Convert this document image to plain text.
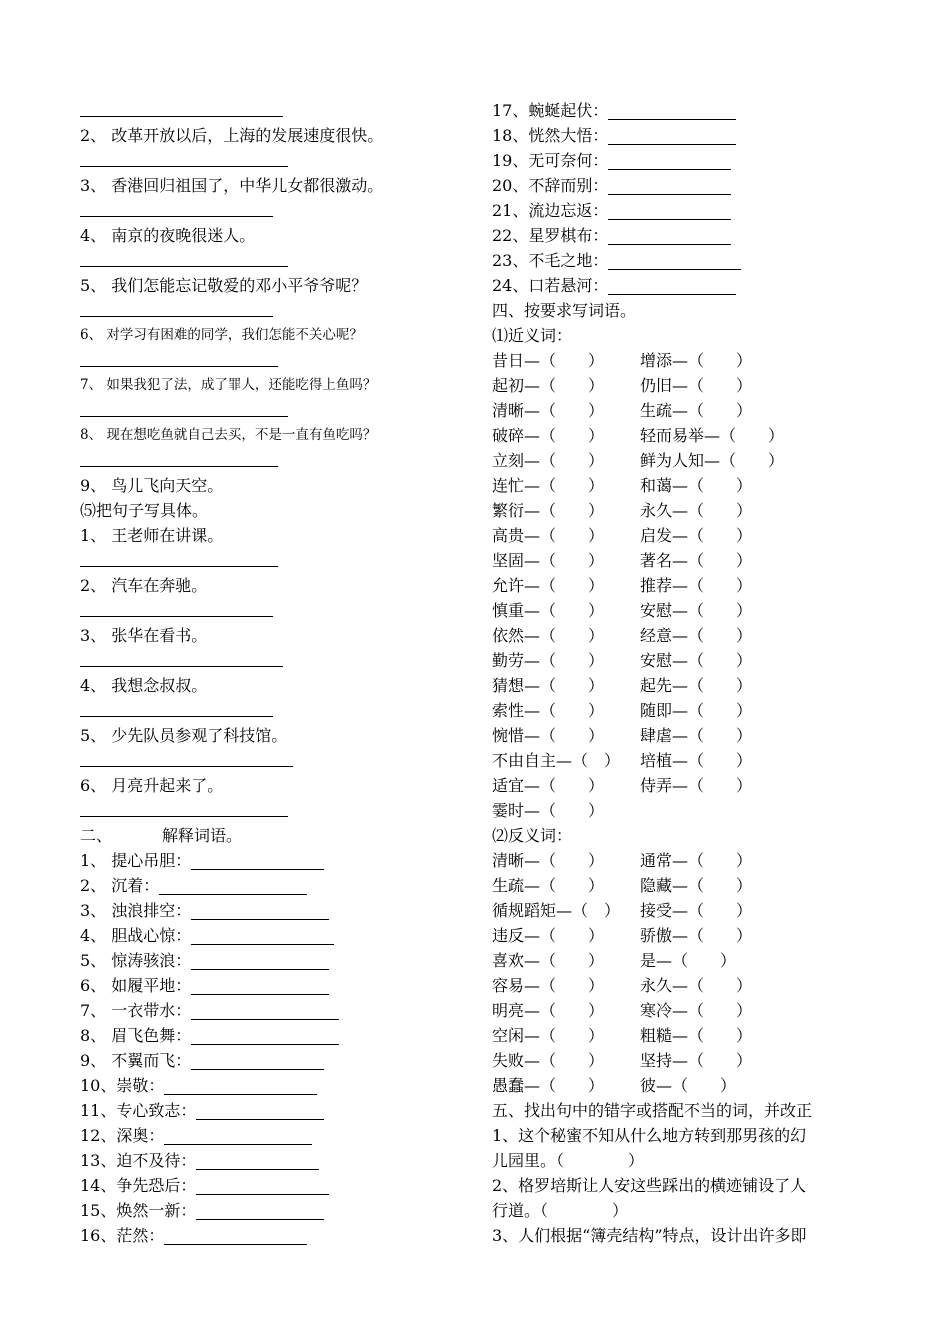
2、 改革开放以后，上海的发展速度很快。
3、 香港回归祖国了，中华儿女都很激动。
4、 南京的夜晚很迷人。
5、 我们怎能忘记敬爱的邓小平爷爷呢？
6、 对学习有困难的同学，我们怎能不关心呢？
7、 如果我犯了法，成了罪人，还能吃得上鱼吗？
8、 现在想吃鱼就自己去买，不是一直有鱼吃吗？
9、 鸟儿飞向天空。
⑸把句子写具体。
1、 王老师在讲课。
2、 汽车在奔驰。
3、 张华在看书。
4、 我想念叔叔。
5、 少先队员参观了科技馆。
6、 月亮升起来了。
二、	解释词语。
1、 提心吊胆：
2、 沉着：
3、 浊浪排空：
4、 胆战心惊：
5、 惊涛骇浪：
6、 如履平地：
7、 一衣带水：
8、 眉飞色舞：
9、 不翼而飞：
10、崇敬：
11、专心致志：
12、深奥：
13、迫不及待：
14、争先恐后：
15、焕然一新：
16、茫然：
17、蜿蜒起伏：
18、恍然大悟：
19、无可奈何：
20、不辞而别：
21、流边忘返：
22、星罗棋布：
23、不毛之地：
24、口若悬河：
四、按要求写词语。
⑴近义词：
昔日—（　　）	增添—（　　）
起初—（　　）	仍旧—（　　）
清晰—（　　）	生疏—（　　）
破碎—（　　）	轻而易举—（　　）
立刻—（　　）	鲜为人知—（　　）
连忙—（　　）	和蔼—（　　）
繁衍—（　　）	永久—（　　）
高贵—（　　）	启发—（　　）
坚固—（　　）	著名—（　　）
允许—（　　）	推荐—（　　）
慎重—（　　）	安慰—（　　）
依然—（　　）	经意—（　　）
勤劳—（　　）	安慰—（　　）
猜想—（　　）	起先—（　　）
索性—（　　）	随即—（　　）
惋惜—（　　）	肆虐—（　　）
不由自主—（　）	培植—（　　）
适宜—（　　）	侍弄—（　　）
霎时—（　　）
⑵反义词：
清晰—（　　）	通常—（　　）
生疏—（　　）	隐藏—（　　）
循规蹈矩—（　）	接受—（　　）
违反—（　　）	骄傲—（　　）
喜欢—（　　）	是—（　　）
容易—（　　）	永久—（　　）
明亮—（　　）	寒冷—（　　）
空闲—（　　）	粗糙—（　　）
失败—（　　）	坚持—（　　）
愚蠢—（　　）	彼—（　　）
五、找出句中的错字或搭配不当的词，并改正
1、这个秘蜜不知从什么地方转到那男孩的幻
儿园里。（　　　　）
2、格罗培斯让人安这些踩出的横迹铺设了人
行道。（　　　　）
3、人们根据“簿壳结构”特点，设计出许多即
